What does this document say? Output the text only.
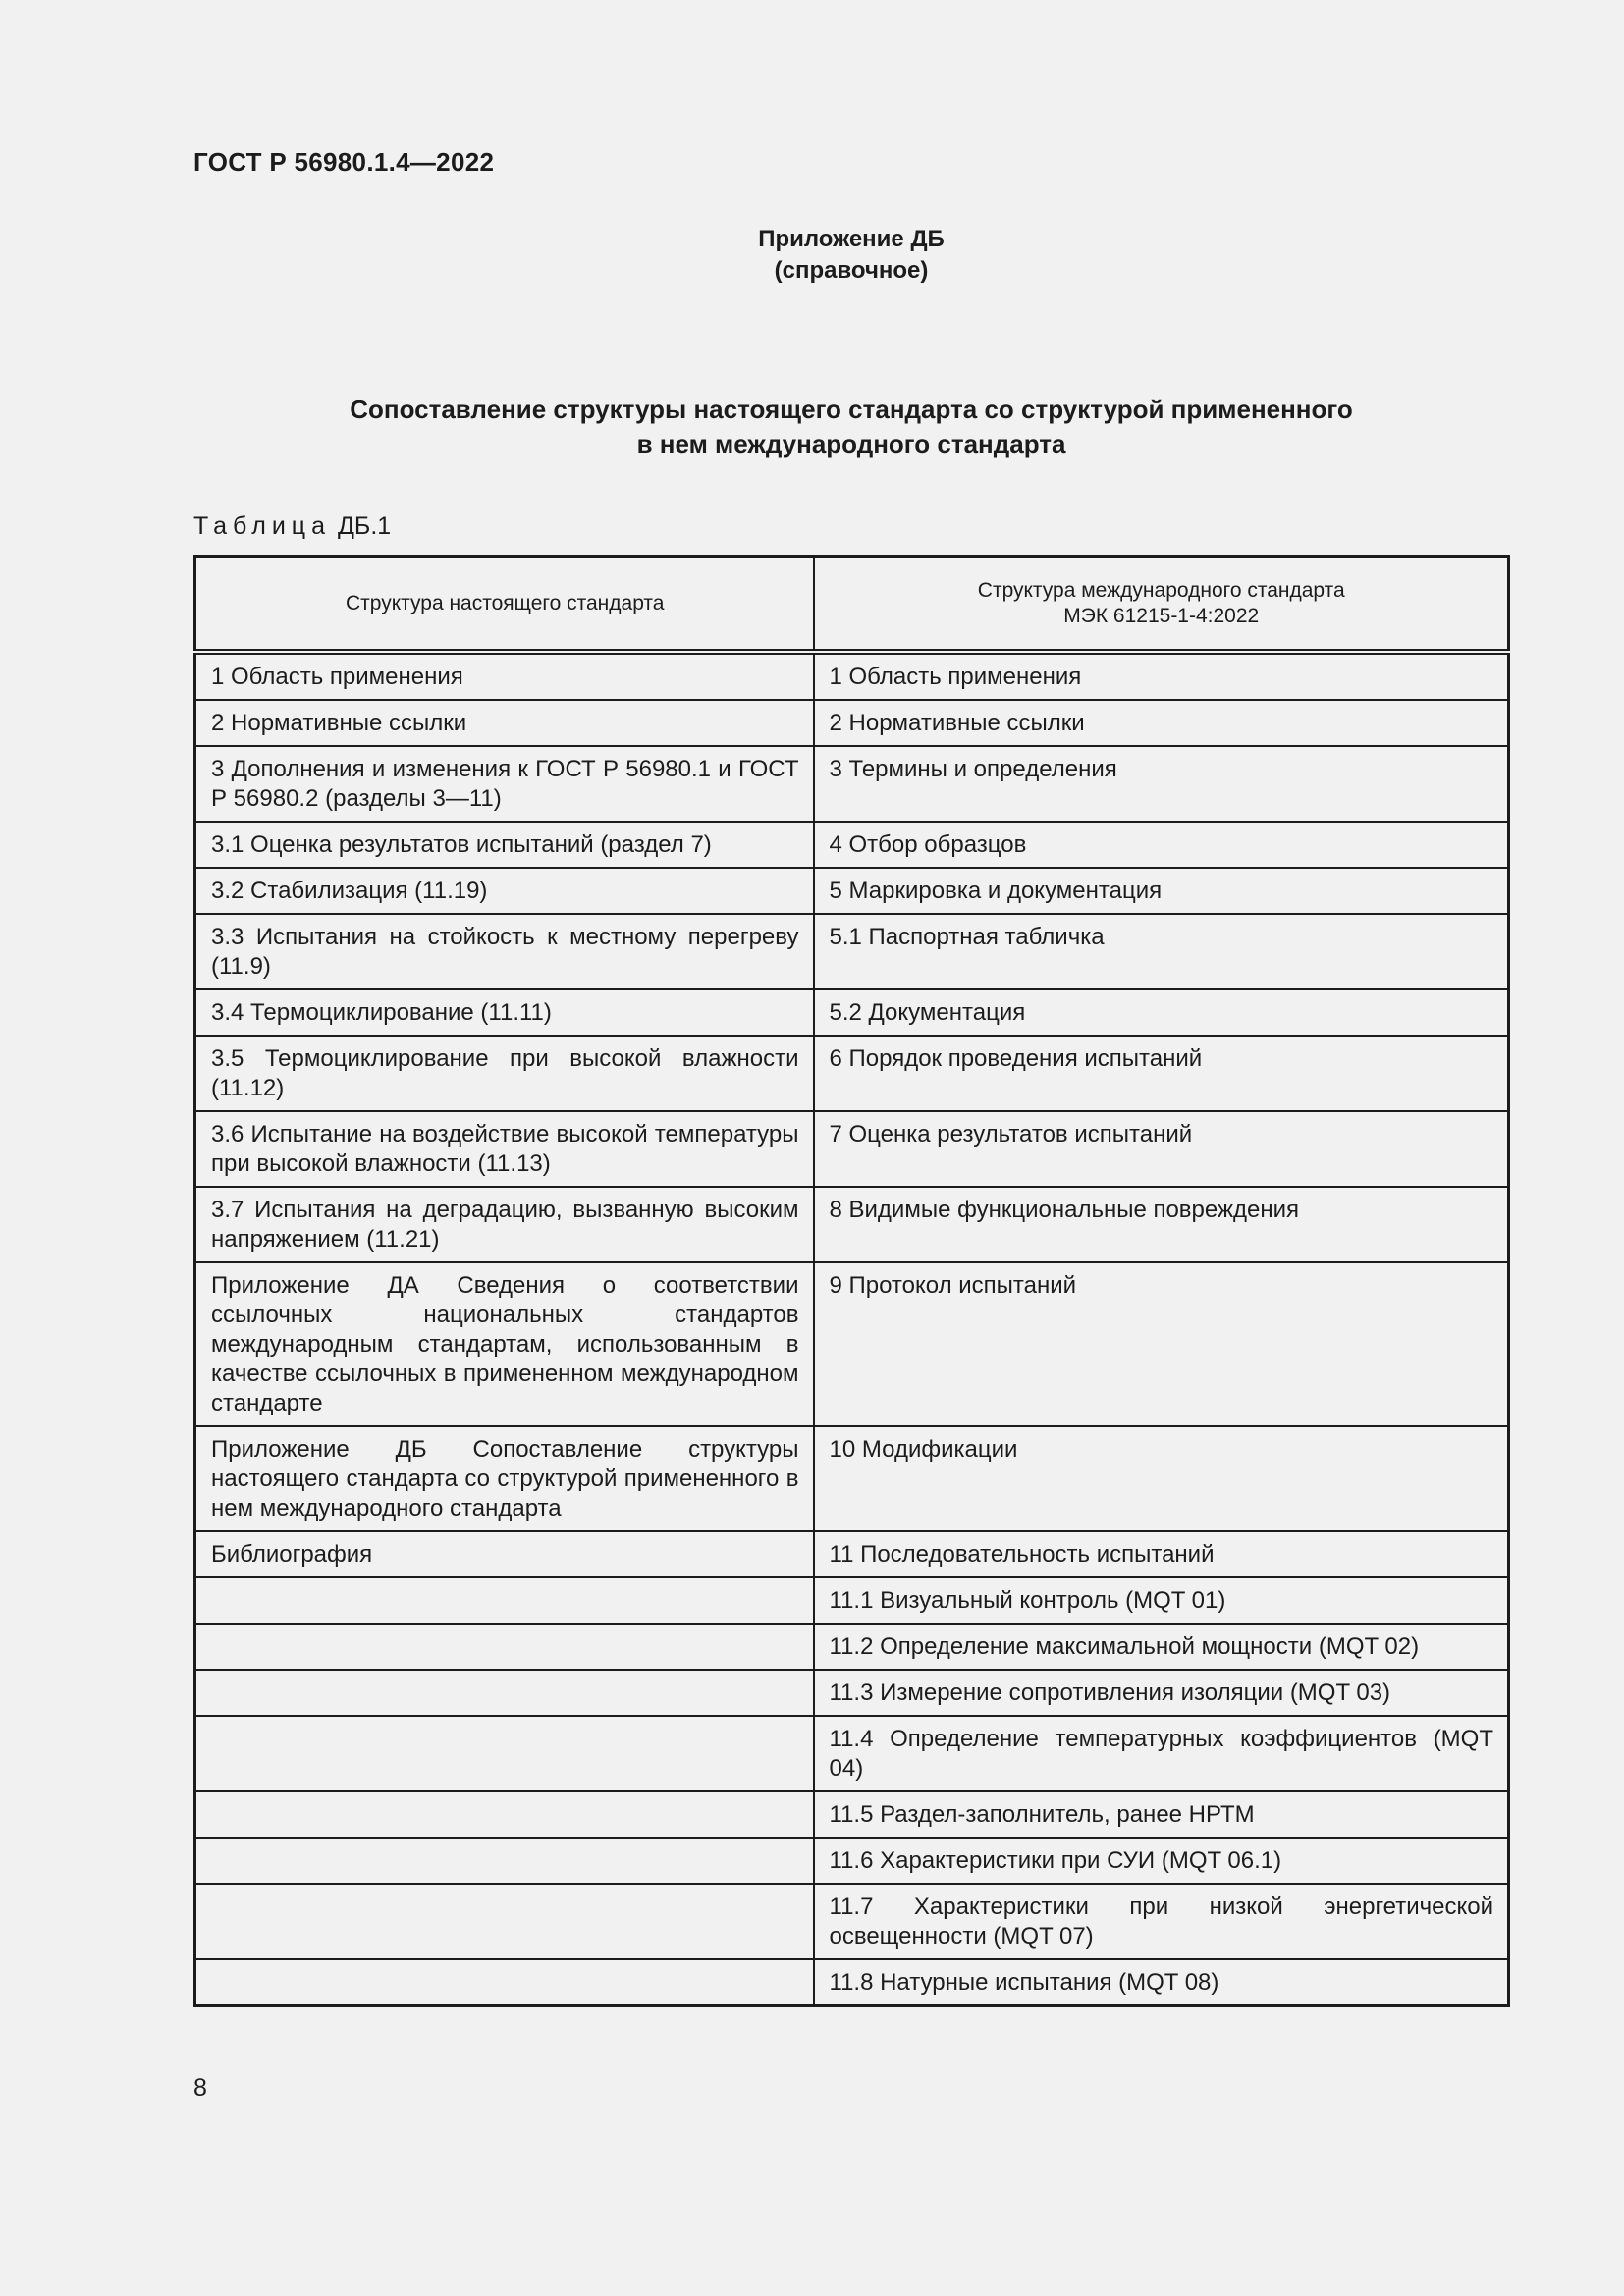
ГОСТ Р 56980.1.4—2022
Приложение ДБ
(справочное)
Сопоставление структуры настоящего стандарта со структурой примененного
в нем международного стандарта
Таблица ДБ.1
Структура настоящего стандарта	Структура международного стандарта
МЭК 61215-1-4:2022

1 Область применения	1 Область применения
2 Нормативные ссылки	2 Нормативные ссылки
3 Дополнения и изменения к ГОСТ Р 56980.1 и ГОСТ Р 56980.2 (разделы 3—11)	3 Термины и определения
3.1 Оценка результатов испытаний (раздел 7)	4 Отбор образцов
3.2 Стабилизация (11.19)	5 Маркировка и документация
3.3 Испытания на стойкость к местному перегреву (11.9)	5.1 Паспортная табличка
3.4 Термоциклирование (11.11)	5.2 Документация
3.5 Термоциклирование при высокой влажности (11.12)	6 Порядок проведения испытаний
3.6 Испытание на воздействие высокой температуры при высокой влажности (11.13)	7 Оценка результатов испытаний
3.7 Испытания на деградацию, вызванную высоким напряжением (11.21)	8 Видимые функциональные повреждения
Приложение ДА Сведения о соответствии ссылочных национальных стандартов международным стандартам, использованным в качестве ссылочных в примененном международном стандарте	9 Протокол испытаний
Приложение ДБ Сопоставление структуры настоящего стандарта со структурой примененного в нем международного стандарта	10 Модификации
Библиография	11 Последовательность испытаний
	11.1 Визуальный контроль (MQT 01)
	11.2 Определение максимальной мощности (MQT 02)
	11.3 Измерение сопротивления изоляции (MQT 03)
	11.4 Определение температурных коэффициентов (MQT 04)
	11.5 Раздел-заполнитель, ранее НРТМ
	11.6 Характеристики при СУИ (MQT 06.1)
	11.7 Характеристики при низкой энергетической освещенности (MQT 07)
	11.8 Натурные испытания (MQT 08)
8
